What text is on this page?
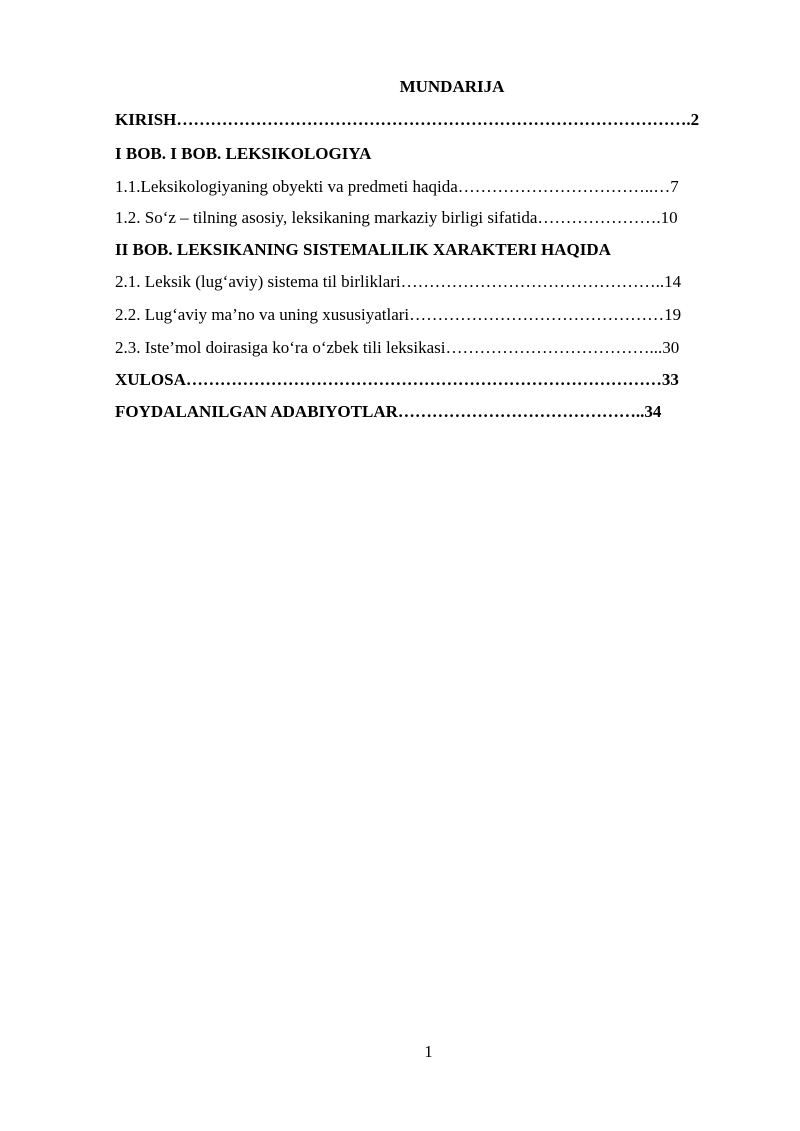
MUNDARIJA
KIRISH……………………………………………………………………………….2
I BOB. I BOB. LEKSIKOLOGIYA
1.1.Leksikologiyaning obyekti va predmeti haqida……………………………..…7
1.2. So‘z – tilning asosiy, leksikaning markaziy birligi sifatida………………….10
II BOB. LEKSIKANING SISTEMALILIK XARAKTERI HAQIDA
2.1. Leksik (lug‘aviy) sistema til birliklari………………………………………..14
2.2. Lug‘aviy ma’no va uning xususiyatlari………………………………………19
2.3. Iste’mol doirasiga ko‘ra o‘zbek tili leksikasi………………………………...30
XULOSA…………………………………………………………………………33
FOYDALANILGAN ADABIYOTLAR……………………………………..34
1
